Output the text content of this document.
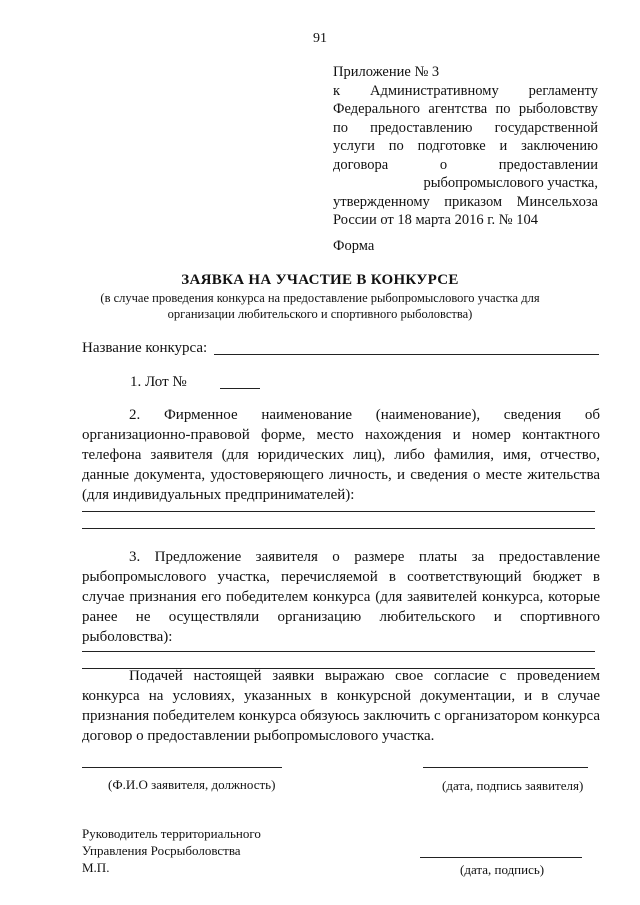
91
Приложение № 3
к Административному регламенту
Федерального агентства по рыболовству
по предоставлению государственной
услуги по подготовке и заключению
договора о предоставлении
рыбопромыслового участка,
утвержденному приказом Минсельхоза
России от 18 марта 2016 г. № 104
Форма
ЗАЯВКА НА УЧАСТИЕ В КОНКУРСЕ
(в случае проведения конкурса на предоставление рыбопромыслового участка для организации любительского и спортивного рыболовства)
Название конкурса:
1. Лот №
2. Фирменное наименование (наименование), сведения об организационно-правовой форме, место нахождения и номер контактного телефона заявителя (для юридических лиц), либо фамилия, имя, отчество, данные документа, удостоверяющего личность, и сведения о месте жительства (для индивидуальных предпринимателей):
3. Предложение заявителя о размере платы за предоставление рыбопромыслового участка, перечисляемой в соответствующий бюджет в случае признания его победителем конкурса (для заявителей конкурса, которые ранее не осуществляли организацию любительского и спортивного рыболовства):
Подачей настоящей заявки выражаю свое согласие с проведением конкурса на условиях, указанных в конкурсной документации, и в случае признания победителем конкурса обязуюсь заключить с организатором конкурса договор о предоставлении рыбопромыслового участка.
(Ф.И.О заявителя, должность)	(дата, подпись заявителя)
Руководитель территориального
Управления Росрыболовства
М.П.	(дата, подпись)
